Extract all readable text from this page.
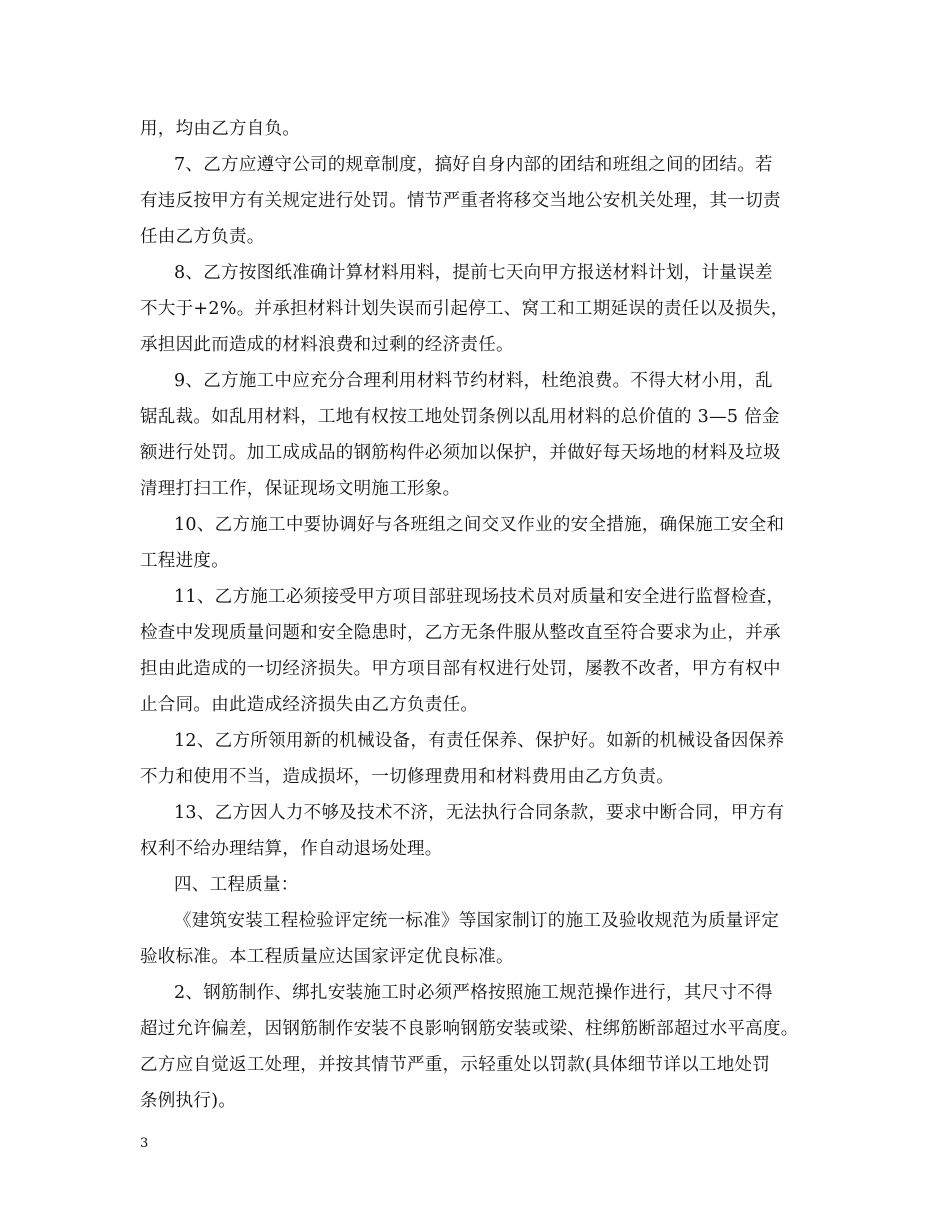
用，均由乙方自负。
7、乙方应遵守公司的规章制度，搞好自身内部的团结和班组之间的团结。若
有违反按甲方有关规定进行处罚。情节严重者将移交当地公安机关处理，其一切责
任由乙方负责。
8、乙方按图纸准确计算材料用料，提前七天向甲方报送材料计划，计量误差
不大于+2%。并承担材料计划失误而引起停工、窝工和工期延误的责任以及损失，
承担因此而造成的材料浪费和过剩的经济责任。
9、乙方施工中应充分合理利用材料节约材料，杜绝浪费。不得大材小用，乱
锯乱裁。如乱用材料，工地有权按工地处罚条例以乱用材料的总价值的 3—5 倍金
额进行处罚。加工成成品的钢筋构件必须加以保护，并做好每天场地的材料及垃圾
清理打扫工作，保证现场文明施工形象。
10、乙方施工中要协调好与各班组之间交叉作业的安全措施，确保施工安全和
工程进度。
11、乙方施工必须接受甲方项目部驻现场技术员对质量和安全进行监督检查，
检查中发现质量问题和安全隐患时，乙方无条件服从整改直至符合要求为止，并承
担由此造成的一切经济损失。甲方项目部有权进行处罚，屡教不改者，甲方有权中
止合同。由此造成经济损失由乙方负责任。
12、乙方所领用新的机械设备，有责任保养、保护好。如新的机械设备因保养
不力和使用不当，造成损坏，一切修理费用和材料费用由乙方负责。
13、乙方因人力不够及技术不济，无法执行合同条款，要求中断合同，甲方有
权利不给办理结算，作自动退场处理。
四、工程质量：
《建筑安装工程检验评定统一标准》等国家制订的施工及验收规范为质量评定
验收标准。本工程质量应达国家评定优良标准。
2、钢筋制作、绑扎安装施工时必须严格按照施工规范操作进行，其尺寸不得
超过允许偏差，因钢筋制作安装不良影响钢筋安装或梁、柱绑筋断部超过水平高度。
乙方应自觉返工处理，并按其情节严重，示轻重处以罚款(具体细节详以工地处罚
条例执行)。
3
